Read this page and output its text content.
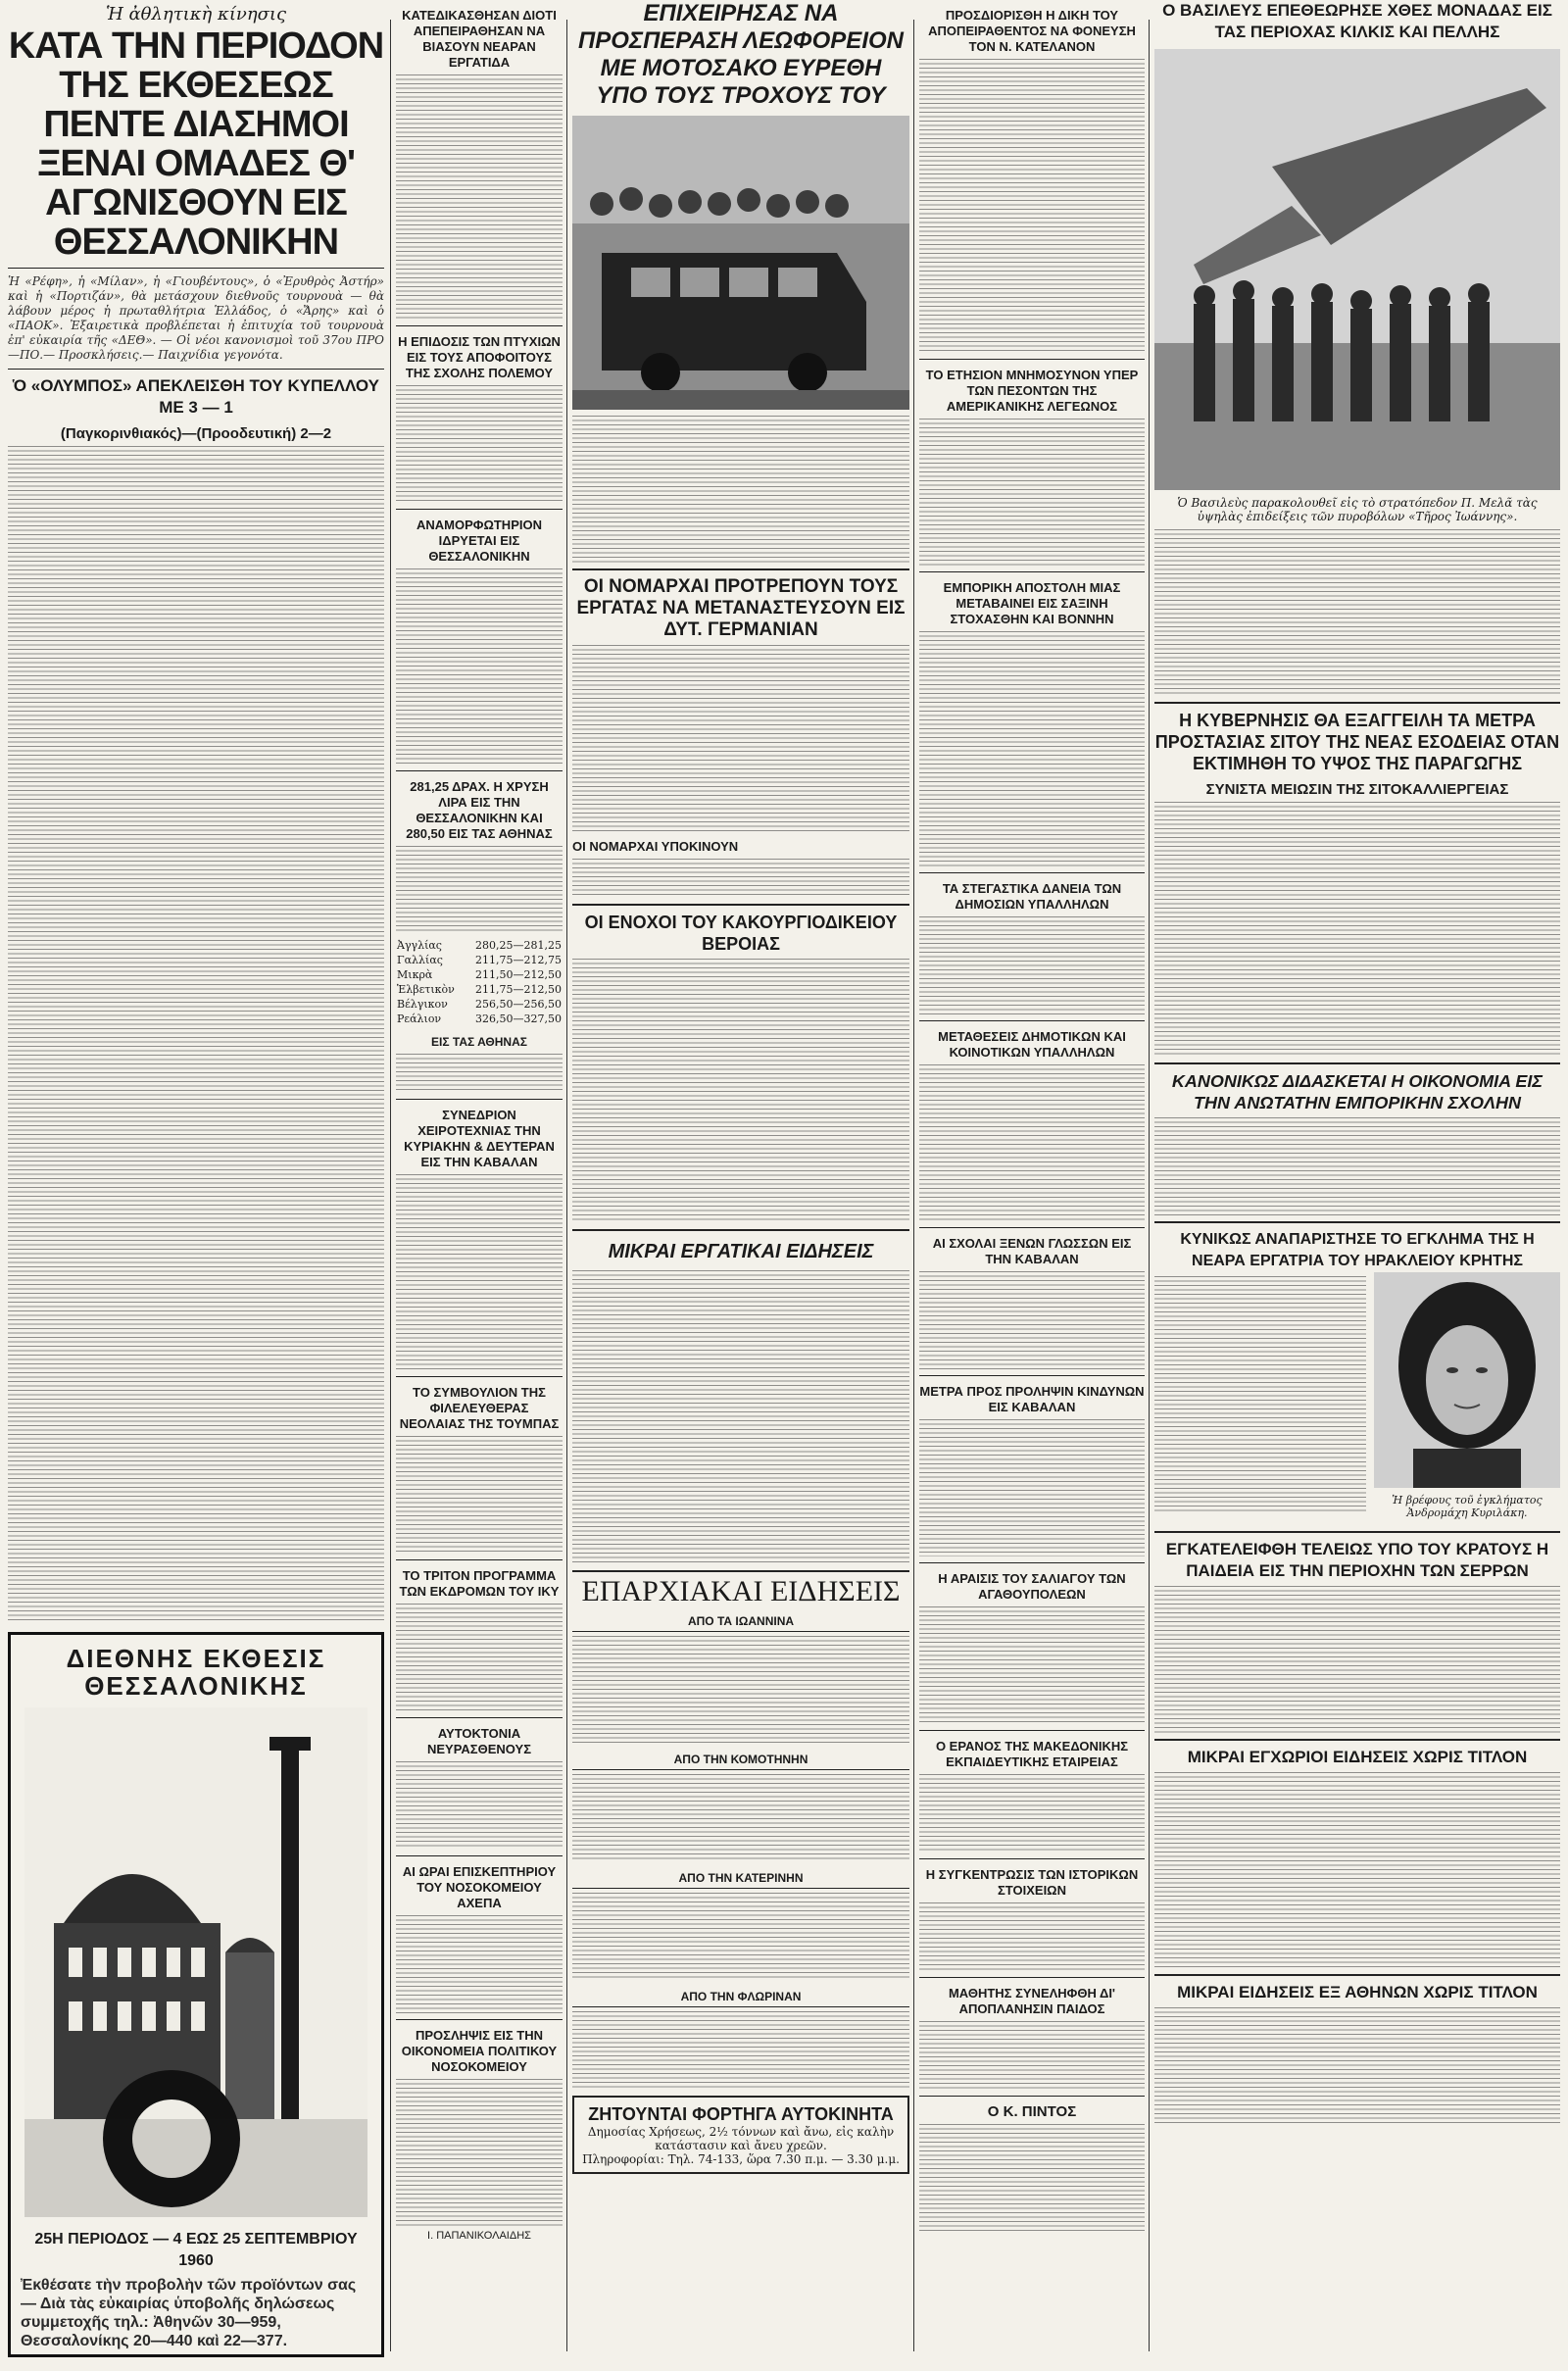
Ἡ ἀθλητικὴ κίνησις
ΚΑΤΑ ΤΗΝ ΠΕΡΙΟΔΟΝ ΤΗΣ ΕΚΘΕΣΕΩΣ ΠΕΝΤΕ ΔΙΑΣΗΜΟΙ ΞΕΝΑΙ ΟΜΑΔΕΣ Θ' ΑΓΩΝΙΣΘΟΥΝ ΕΙΣ ΘΕΣΣΑΛΟΝΙΚΗΝ
Ἡ «Ρέφη», ἡ «Μίλαν», ἡ «Γιουβέντους», ὁ «Ἐρυθρὸς Ἀστήρ» καὶ ἡ «Πορτιζάν», θὰ μετάσχουν διεθνοῦς τουρνουὰ — θὰ λάβουν μέρος ἡ πρωταθλήτρια Ἑλλάδος, ὁ «Ἄρης» καὶ ὁ «ΠΑΟΚ». Ἐξαιρετικὰ προβλέπεται ἡ ἐπιτυχία τοῦ τουρνουὰ ἐπ' εὐκαιρία τῆς «ΔΕΘ». — Οἱ νέοι κανονισμοὶ τοῦ 37ου ΠΡΟ—ΠΟ.— Προσκλήσεις.— Παιχνίδια γεγονότα.
Ὁ «ΟΛΥΜΠΟΣ» ΑΠΕΚΛΕΙΣΘΗ ΤΟΥ ΚΥΠΕΛΛΟΥ ΜΕ 3 — 1
(Παγκορινθιακός)—(Προοδευτική) 2—2
ΔΙΕΘΝΗΣ ΕΚΘΕΣΙΣ
ΘΕΣΣΑΛΟΝΙΚΗΣ
25Η ΠΕΡΙΟΔΟΣ — 4 ΕΩΣ 25 ΣΕΠΤΕΜΒΡΙΟΥ 1960
Ἐκθέσατε τὴν προβολὴν τῶν προϊόντων σας — Διὰ τὰς εὐκαιρίας ὑποβολῆς δηλώσεως συμμετοχῆς τηλ.: Ἀθηνῶν 30—959, Θεσσαλονίκης 20—440 καὶ 22—377.
ΚΑΤΕΔΙΚΑΣΘΗΣΑΝ ΔΙΟΤΙ ΑΠΕΠΕΙΡΑΘΗΣΑΝ ΝΑ ΒΙΑΣΟΥΝ ΝΕΑΡΑΝ ΕΡΓΑΤΙΔΑ
Η ΕΠΙΔΟΣΙΣ ΤΩΝ ΠΤΥΧΙΩΝ ΕΙΣ ΤΟΥΣ ΑΠΟΦΟΙΤΟΥΣ ΤΗΣ ΣΧΟΛΗΣ ΠΟΛΕΜΟΥ
ΑΝΑΜΟΡΦΩΤΗΡΙΟΝ ΙΔΡΥΕΤΑΙ ΕΙΣ ΘΕΣΣΑΛΟΝΙΚΗΝ
281,25 ΔΡΑΧ. Η ΧΡΥΣΗ ΛΙΡΑ ΕΙΣ ΤΗΝ ΘΕΣΣΑΛΟΝΙΚΗΝ ΚΑΙ 280,50 ΕΙΣ ΤΑΣ ΑΘΗΝΑΣ
Ἀγγλίας	280,25—281,25
Γαλλίας	211,75—212,75
Μικρὰ	211,50—212,50
Ἑλβετικὸν	211,75—212,50
Βέλγικον	256,50—256,50
Ρεάλιον	326,50—327,50
ΕΙΣ ΤΑΣ ΑΘΗΝΑΣ
ΣΥΝΕΔΡΙΟΝ ΧΕΙΡΟΤΕΧΝΙΑΣ ΤΗΝ ΚΥΡΙΑΚΗΝ & ΔΕΥΤΕΡΑΝ ΕΙΣ ΤΗΝ ΚΑΒΑΛΑΝ
ΤΟ ΣΥΜΒΟΥΛΙΟΝ ΤΗΣ ΦΙΛΕΛΕΥΘΕΡΑΣ ΝΕΟΛΑΙΑΣ ΤΗΣ ΤΟΥΜΠΑΣ
ΤΟ ΤΡΙΤΟΝ ΠΡΟΓΡΑΜΜΑ ΤΩΝ ΕΚΔΡΟΜΩΝ ΤΟΥ ΙΚΥ
ΑΥΤΟΚΤΟΝΙΑ ΝΕΥΡΑΣΘΕΝΟΥΣ
ΑΙ ΩΡΑΙ ΕΠΙΣΚΕΠΤΗΡΙΟΥ ΤΟΥ ΝΟΣΟΚΟΜΕΙΟΥ ΑΧΕΠΑ
ΠΡΟΣΛΗΨΙΣ ΕΙΣ ΤΗΝ ΟΙΚΟΝΟΜΕΙΑ ΠΟΛΙΤΙΚΟΥ ΝΟΣΟΚΟΜΕΙΟΥ
Ι. ΠΑΠΑΝΙΚΟΛΑΙΔΗΣ
ΕΠΙΧΕΙΡΗΣΑΣ ΝΑ ΠΡΟΣΠΕΡΑΣΗ ΛΕΩΦΟΡΕΙΟΝ ΜΕ ΜΟΤΟΣΑΚΟ ΕΥΡΕΘΗ ΥΠΟ ΤΟΥΣ ΤΡΟΧΟΥΣ ΤΟΥ
ΟΙ ΝΟΜΑΡΧΑΙ ΠΡΟΤΡΕΠΟΥΝ ΤΟΥΣ ΕΡΓΑΤΑΣ ΝΑ ΜΕΤΑΝΑΣΤΕΥΣΟΥΝ ΕΙΣ ΔΥΤ. ΓΕΡΜΑΝΙΑΝ
ΟΙ ΝΟΜΑΡΧΑΙ ΥΠΟΚΙΝΟΥΝ
ΟΙ ΕΝΟΧΟΙ ΤΟΥ ΚΑΚΟΥΡΓΙΟΔΙΚΕΙΟΥ ΒΕΡΟΙΑΣ
ΜΙΚΡΑΙ ΕΡΓΑΤΙΚΑΙ ΕΙΔΗΣΕΙΣ
ΕΠΑΡΧΙΑΚΑΙ ΕΙΔΗΣΕΙΣ
ΑΠΟ ΤΑ ΙΩΑΝΝΙΝΑ
ΑΠΟ ΤΗΝ ΚΟΜΟΤΗΝΗΝ
ΑΠΟ ΤΗΝ ΚΑΤΕΡΙΝΗΝ
ΑΠΟ ΤΗΝ ΦΛΩΡΙΝΑΝ
ΖΗΤΟΥΝΤΑΙ ΦΟΡΤΗΓΑ ΑΥΤΟΚΙΝΗΤΑ
Δημοσίας Χρήσεως, 2½ τόννων καὶ ἄνω, εἰς καλὴν κατάστασιν καὶ ἄνευ χρεῶν.
Πληροφορίαι: Τηλ. 74-133, ὥρα 7.30 π.μ. — 3.30 μ.μ.
ΠΡΟΣΔΙΟΡΙΣΘΗ Η ΔΙΚΗ ΤΟΥ ΑΠΟΠΕΙΡΑΘΕΝΤΟΣ ΝΑ ΦΟΝΕΥΣΗ ΤΟΝ Ν. ΚΑΤΕΛΑΝΟΝ
ΤΟ ΕΤΗΣΙΟΝ ΜΝΗΜΟΣΥΝΟΝ ΥΠΕΡ ΤΩΝ ΠΕΣΟΝΤΩΝ ΤΗΣ ΑΜΕΡΙΚΑΝΙΚΗΣ ΛΕΓΕΩΝΟΣ
ΕΜΠΟΡΙΚΗ ΑΠΟΣΤΟΛΗ ΜΙΑΣ ΜΕΤΑΒΑΙΝΕΙ ΕΙΣ ΣΑΞΙΝΗ ΣΤΟΧΑΣΘΗΝ ΚΑΙ ΒΟΝΝΗΝ
ΤΑ ΣΤΕΓΑΣΤΙΚΑ ΔΑΝΕΙΑ ΤΩΝ ΔΗΜΟΣΙΩΝ ΥΠΑΛΛΗΛΩΝ
ΜΕΤΑΘΕΣΕΙΣ ΔΗΜΟΤΙΚΩΝ ΚΑΙ ΚΟΙΝΟΤΙΚΩΝ ΥΠΑΛΛΗΛΩΝ
ΑΙ ΣΧΟΛΑΙ ΞΕΝΩΝ ΓΛΩΣΣΩΝ ΕΙΣ ΤΗΝ ΚΑΒΑΛΑΝ
ΜΕΤΡΑ ΠΡΟΣ ΠΡΟΛΗΨΙΝ ΚΙΝΔΥΝΩΝ ΕΙΣ ΚΑΒΑΛΑΝ
Η ΑΡΑΙΣΙΣ ΤΟΥ ΣΑΛΙΑΓΟΥ ΤΩΝ ΑΓΑΘΟΥΠΟΛΕΩΝ
Ο ΕΡΑΝΟΣ ΤΗΣ ΜΑΚΕΔΟΝΙΚΗΣ ΕΚΠΑΙΔΕΥΤΙΚΗΣ ΕΤΑΙΡΕΙΑΣ
Η ΣΥΓΚΕΝΤΡΩΣΙΣ ΤΩΝ ΙΣΤΟΡΙΚΩΝ ΣΤΟΙΧΕΙΩΝ
ΜΑΘΗΤΗΣ ΣΥΝΕΛΗΦΘΗ ΔΙ' ΑΠΟΠΛΑΝΗΣΙΝ ΠΑΙΔΟΣ
Ο Κ. ΠΙΝΤΟΣ
Ο ΒΑΣΙΛΕΥΣ ΕΠΕΘΕΩΡΗΣΕ ΧΘΕΣ ΜΟΝΑΔΑΣ ΕΙΣ ΤΑΣ ΠΕΡΙΟΧΑΣ ΚΙΛΚΙΣ ΚΑΙ ΠΕΛΛΗΣ
Ὁ Βασιλεὺς παρακολουθεῖ εἰς τὸ στρατόπεδον Π. Μελᾶ τὰς ὑψηλὰς ἐπιδείξεις τῶν πυροβόλων «Τῆρος Ἰωάννης».
Η ΚΥΒΕΡΝΗΣΙΣ ΘΑ ΕΞΑΓΓΕΙΛΗ ΤΑ ΜΕΤΡΑ ΠΡΟΣΤΑΣΙΑΣ ΣΙΤΟΥ ΤΗΣ ΝΕΑΣ ΕΣΟΔΕΙΑΣ ΟΤΑΝ ΕΚΤΙΜΗΘΗ ΤΟ ΥΨΟΣ ΤΗΣ ΠΑΡΑΓΩΓΗΣ
ΣΥΝΙΣΤΑ ΜΕΙΩΣΙΝ ΤΗΣ ΣΙΤΟΚΑΛΛΙΕΡΓΕΙΑΣ
ΚΑΝΟΝΙΚΩΣ ΔΙΔΑΣΚΕΤΑΙ Η ΟΙΚΟΝΟΜΙΑ ΕΙΣ ΤΗΝ ΑΝΩΤΑΤΗΝ ΕΜΠΟΡΙΚΗΝ ΣΧΟΛΗΝ
ΚΥΝΙΚΩΣ ΑΝΑΠΑΡΙΣΤΗΣΕ ΤΟ ΕΓΚΛΗΜΑ ΤΗΣ Η ΝΕΑΡΑ ΕΡΓΑΤΡΙΑ ΤΟΥ ΗΡΑΚΛΕΙΟΥ ΚΡΗΤΗΣ
Ἡ βρέφους τοῦ ἐγκλήματος Ἀνδρομάχη Κυριλάκη.
ΕΓΚΑΤΕΛΕΙΦΘΗ ΤΕΛΕΙΩΣ ΥΠΟ ΤΟΥ ΚΡΑΤΟΥΣ Η ΠΑΙΔΕΙΑ ΕΙΣ ΤΗΝ ΠΕΡΙΟΧΗΝ ΤΩΝ ΣΕΡΡΩΝ
ΜΙΚΡΑΙ ΕΓΧΩΡΙΟΙ ΕΙΔΗΣΕΙΣ ΧΩΡΙΣ ΤΙΤΛΟΝ
ΜΙΚΡΑΙ ΕΙΔΗΣΕΙΣ ΕΞ ΑΘΗΝΩΝ ΧΩΡΙΣ ΤΙΤΛΟΝ
